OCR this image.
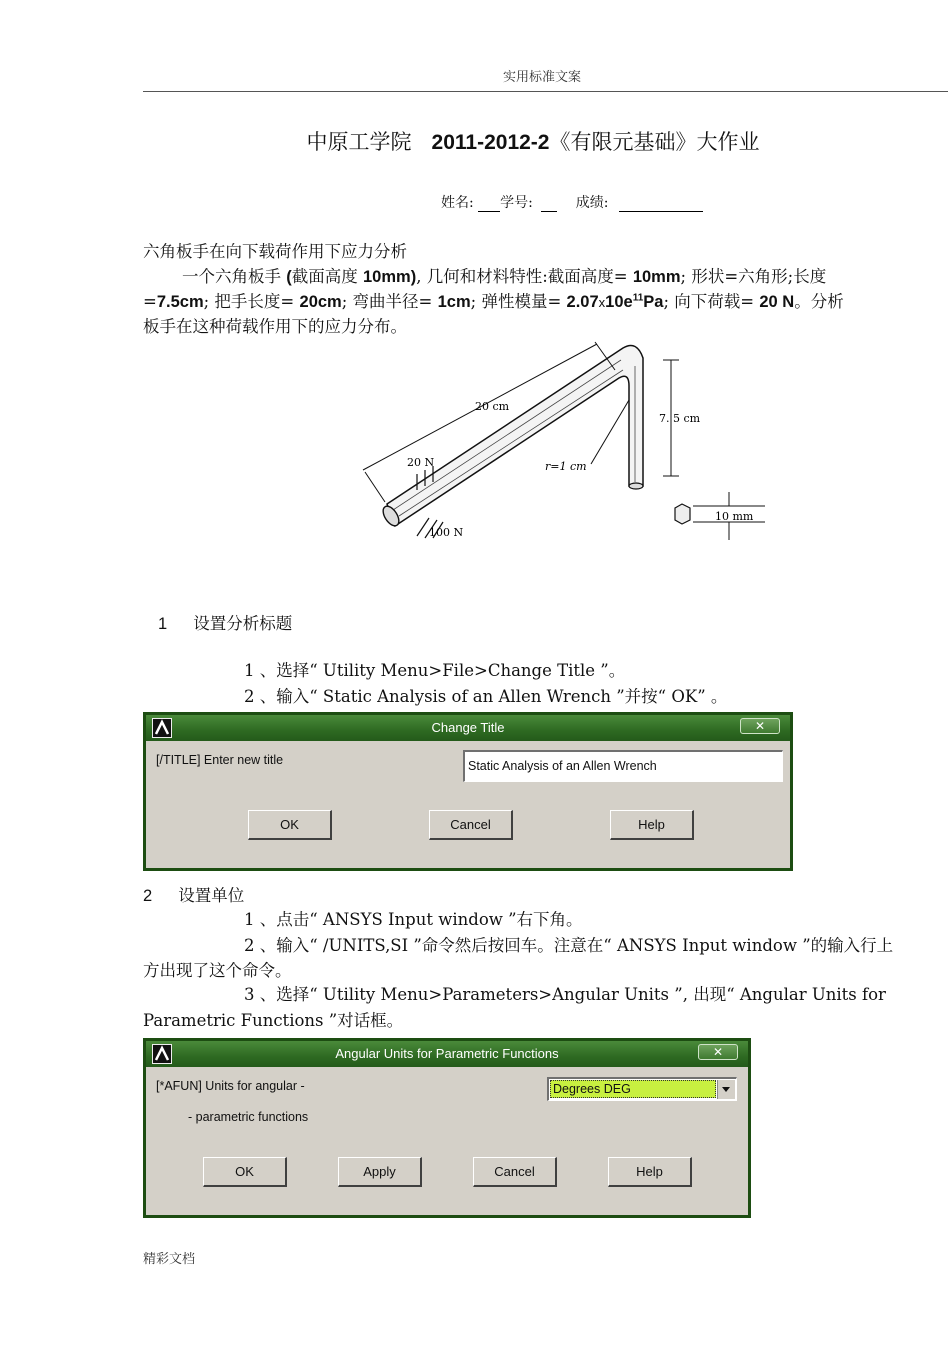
实用标准文案
中原工学院 2011-2012-2《有限元基础》大作业
姓名: 学号:	成绩:
六角板手在向下载荷作用下应力分析
一个六角板手 (截面高度 10mm), 几何和材料特性:截面高度= 10mm; 形状=六角形;长度
=7.5cm; 把手长度= 20cm; 弯曲半径= 1cm; 弹性模量= $2.07x10e^{11}Pa$; 向下荷载= 20 N。分析
板手在这种荷载作用下的应力分布。
20 cm
7. 5 cm
20 N
100 N
r=1 cm
10 mm
1 设置分析标题
1 、选择“ Utility Menu>File>Change Title ”。
2 、输入“ Static Analysis of an Allen Wrench ”并按“ OK” 。
Change Title	✕
[/TITLE] Enter new title	Static Analysis of an Allen Wrench
OK	Cancel	Help
2 设置单位
1 、点击“ ANSYS Input window ”右下角。
2 、输入“ /UNITS,SI ”命令然后按回车。注意在“ ANSYS Input window ”的输入行上
方出现了这个命令。
3 、选择“ Utility Menu>Parameters>Angular Units ”, 出现“ Angular Units for
Parametric Functions ”对话框。
Angular Units for Parametric Functions	✕
[*AFUN] Units for angular -
- parametric functions
Degrees DEG
OK	Apply	Cancel	Help
精彩文档
